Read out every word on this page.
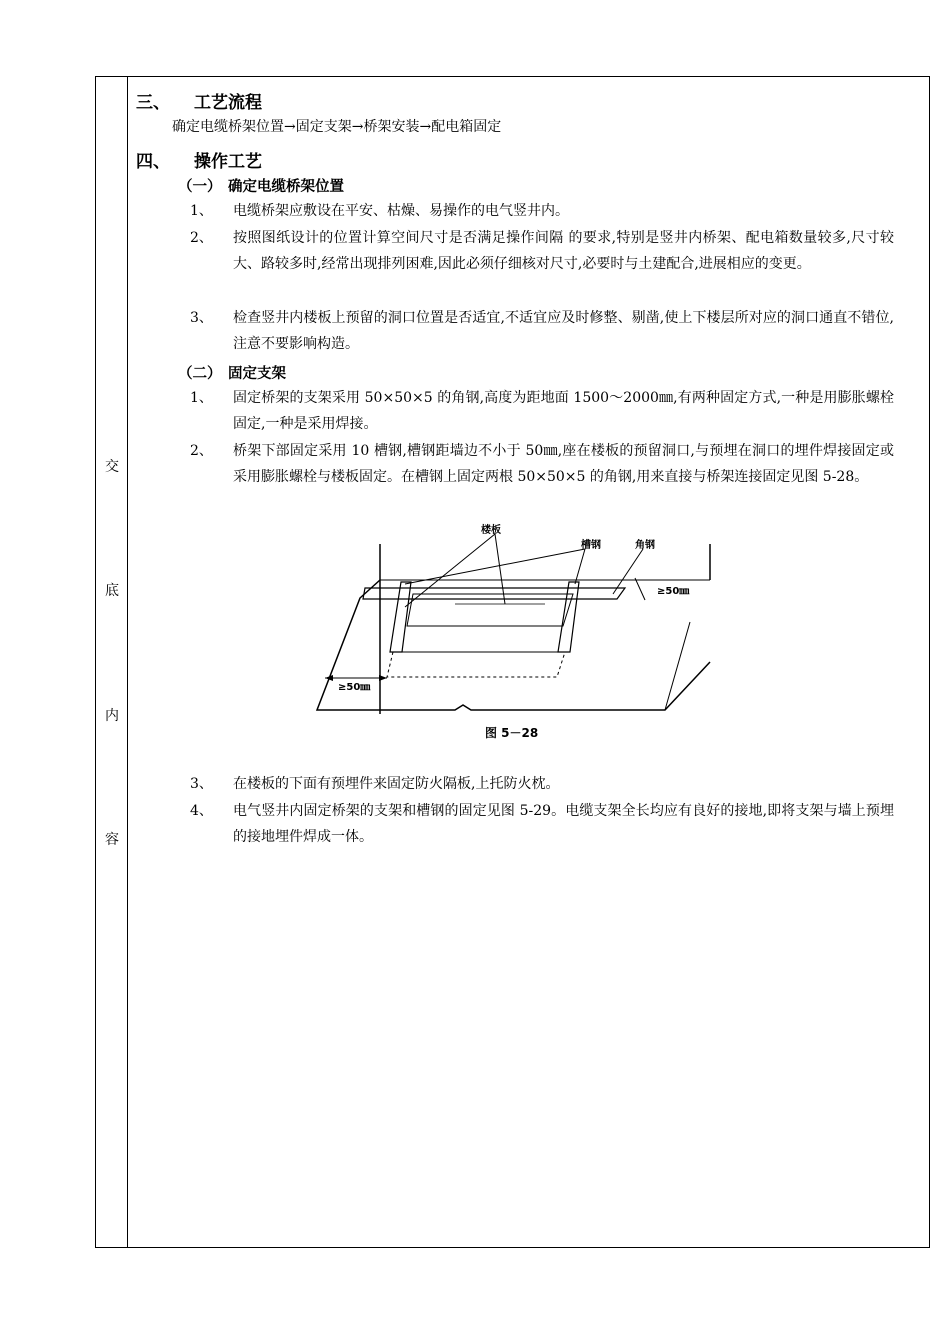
交
底
内
容
三、 工艺流程
确定电缆桥架位置→固定支架→桥架安装→配电箱固定
四、 操作工艺
（一） 确定电缆桥架位置
1、 电缆桥架应敷设在平安、枯燥、易操作的电气竖井内。
2、 按照图纸设计的位置计算空间尺寸是否满足操作间隔 的要求,特别是竖井内桥架、配电箱数量较多,尺寸较大、路较多时,经常出现排列困难,因此必须仔细核对尺寸,必要时与土建配合,进展相应的变更。
3、 检查竖井内楼板上预留的洞口位置是否适宜,不适宜应及时修整、剔凿,使上下楼层所对应的洞口通直不错位,注意不要影响构造。
（二） 固定支架
1、 固定桥架的支架采用 50×50×5 的角钢,高度为距地面 1500～2000㎜,有两种固定方式,一种是用膨胀螺栓固定,一种是采用焊接。
2、 桥架下部固定采用 10 槽钢,槽钢距墙边不小于 50㎜,座在楼板的预留洞口,与预埋在洞口的埋件焊接固定或采用膨胀螺栓与楼板固定。在槽钢上固定两根 50×50×5 的角钢,用来直接与桥架连接固定见图 5-28。
楼板
槽钢	角钢
≥50㎜
≥50㎜
图 5－28
3、 在楼板的下面有预埋件来固定防火隔板,上托防火枕。
4、 电气竖井内固定桥架的支架和槽钢的固定见图 5-29。电缆支架全长均应有良好的接地,即将支架与墙上预埋的接地埋件焊成一体。
